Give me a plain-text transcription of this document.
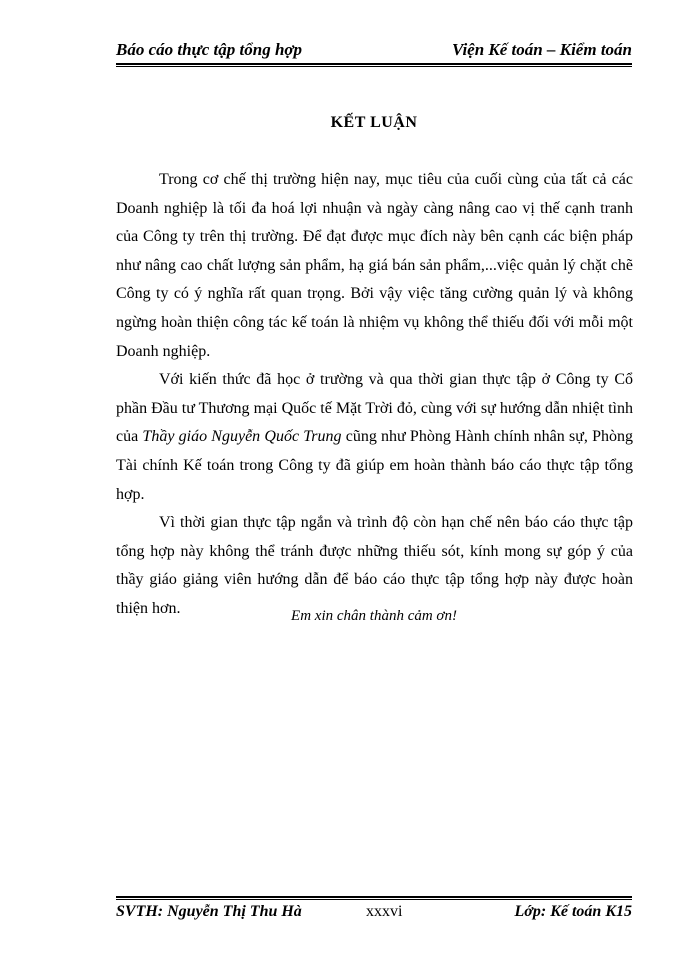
Báo cáo thực tập tổng hợp	Viện Kế toán – Kiểm toán
KẾT LUẬN

Trong cơ chế thị trường hiện nay, mục tiêu của cuối cùng của tất cả các Doanh nghiệp là tối đa hoá lợi nhuận và ngày càng nâng cao vị thế cạnh tranh của Công ty trên thị trường. Để đạt được mục đích này bên cạnh các biện pháp như nâng cao chất lượng sản phẩm, hạ giá bán sản phẩm,...việc quản lý chặt chẽ Công ty có ý nghĩa rất quan trọng. Bởi vậy việc tăng cường quản lý và không ngừng hoàn thiện công tác kế toán là nhiệm vụ không thể thiếu đối với mỗi một Doanh nghiệp.

Với kiến thức đã học ở trường và qua thời gian thực tập ở Công ty Cổ phần Đầu tư Thương mại Quốc tế Mặt Trời đỏ, cùng với sự hướng dẫn nhiệt tình của Thầy giáo Nguyễn Quốc Trung cũng như Phòng Hành chính nhân sự, Phòng Tài chính Kế toán trong Công ty đã giúp em hoàn thành báo cáo thực tập tổng hợp.

Vì thời gian thực tập ngắn và trình độ còn hạn chế nên báo cáo thực tập tổng hợp này không thể tránh được những thiếu sót, kính mong sự góp ý của thầy giáo giảng viên hướng dẫn để báo cáo thực tập tổng hợp này được hoàn thiện hơn.	Em xin chân thành cảm ơn!
SVTH: Nguyễn Thị Thu Hà	xxxvi	Lớp: Kế toán K15
